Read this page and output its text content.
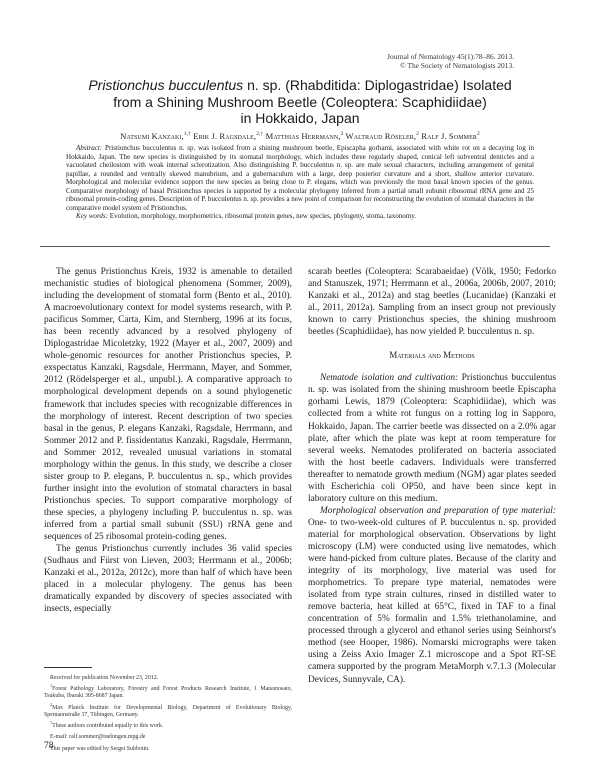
Journal of Nematology 45(1):78–86. 2013.
© The Society of Nematologists 2013.
Pristionchus bucculentus n. sp. (Rhabditida: Diplogastridae) Isolated
from a Shining Mushroom Beetle (Coleoptera: Scaphidiidae)
in Hokkaido, Japan
Natsumi Kanzaki,$^{1,\dagger}$ Erik J. Ragsdale,$^{2,\dagger}$ Matthias Herrmann,$^2$ Waltraud Röseler,$^2$ Ralf J. Sommer$^2$

Abstract: Pristionchus bucculentus n. sp. was isolated from a shining mushroom beetle, Episcapha gorhami, associated with white rot on a decaying log in Hokkaido, Japan. The new species is distinguished by its stomatal morphology, which includes three regularly shaped, conical left subventral denticles and a vacuolated cheilostom with weak internal sclerotization. Also distinguishing P. bucculentus n. sp. are male sexual characters, including arrangement of genital papillae, a rounded and ventrally skewed manubrium, and a gubernaculum with a large, deep posterior curvature and a short, shallow anterior curvature. Morphological and molecular evidence support the new species as being close to P. elegans, which was previously the most basal known species of the genus. Comparative morphology of basal Pristionchus species is supported by a molecular phylogeny inferred from a partial small subunit ribosomal rRNA gene and 25 ribosomal protein-coding genes. Description of P. bucculentus n. sp. provides a new point of comparison for reconstructing the evolution of stomatal characters in the comparative model system of Pristionchus.

Key words: Evolution, morphology, morphometrics, ribosomal protein genes, new species, phylogeny, stoma, taxonomy.

The genus Pristionchus Kreis, 1932 is amenable to detailed mechanistic studies of biological phenomena (Sommer, 2009), including the development of stomatal form (Bento et al., 2010). A macroevolutionary context for model systems research, with P. pacificus Sommer, Carta, Kim, and Sternberg, 1996 at its focus, has been recently advanced by a resolved phylogeny of Diplogastridae Micoletzky, 1922 (Mayer et al., 2007, 2009) and whole-genomic resources for another Pristionchus species, P. exspectatus Kanzaki, Ragsdale, Herrmann, Mayer, and Sommer, 2012 (Rödelsperger et al., unpubl.). A comparative approach to morphological development depends on a sound phylogenetic framework that includes species with recognizable differences in the morphology of interest. Recent description of two species basal in the genus, P. elegans Kanzaki, Ragsdale, Herrmann, and Sommer 2012 and P. fissidentatus Kanzaki, Ragsdale, Herrmann, and Sommer 2012, revealed unusual variations in stomatal morphology within the genus. In this study, we describe a closer sister group to P. elegans, P. bucculentus n. sp., which provides further insight into the evolution of stomatal characters in basal Pristionchus species. To support comparative morphology of these species, a phylogeny including P. bucculentus n. sp. was inferred from a partial small subunit (SSU) rRNA gene and sequences of 25 ribosomal protein-coding genes.

The genus Pristionchus currently includes 36 valid species (Sudhaus and Fürst von Lieven, 2003; Herrmann et al., 2006b; Kanzaki et al., 2012a, 2012c), more than half of which have been placed in a molecular phylogeny. The genus has been dramatically expanded by discovery of species associated with insects, especially

scarab beetles (Coleoptera: Scarabaeidae) (Völk, 1950; Fedorko and Stanuszek, 1971; Herrmann et al., 2006a, 2006b, 2007, 2010; Kanzaki et al., 2012a) and stag beetles (Lucanidae) (Kanzaki et al., 2011, 2012a). Sampling from an insect group not previously known to carry Pristionchus species, the shining mushroom beetles (Scaphidiidae), has now yielded P. bucculentus n. sp.

Materials and Methods

Nematode isolation and cultivation: Pristionchus bucculentus n. sp. was isolated from the shining mushroom beetle Episcapha gorhami Lewis, 1879 (Coleoptera: Scaphidiidae), which was collected from a white rot fungus on a rotting log in Sapporo, Hokkaido, Japan. The carrier beetle was dissected on a 2.0% agar plate, after which the plate was kept at room temperature for several weeks. Nematodes proliferated on bacteria associated with the host beetle cadavers. Individuals were transferred thereafter to nematode growth medium (NGM) agar plates seeded with Escherichia coli OP50, and have been since kept in laboratory culture on this medium.

Morphological observation and preparation of type material: One- to two-week-old cultures of P. bucculentus n. sp. provided material for morphological observation. Observations by light microscopy (LM) were conducted using live nematodes, which were hand-picked from culture plates. Because of the clarity and integrity of its morphology, live material was used for morphometrics. To prepare type material, nematodes were isolated from type strain cultures, rinsed in distilled water to remove bacteria, heat killed at 65°C, fixed in TAF to a final concentration of 5% formalin and 1.5% triethanolamine, and processed through a glycerol and ethanol series using Seinhorst's method (see Hooper, 1986). Nomarski micrographs were taken using a Zeiss Axio Imager Z.1 microscope and a Spot RT-SE camera supported by the program MetaMorph v.7.1.3 (Molecular Devices, Sunnyvale, CA).

Received for publication November 23, 2012.

$^1$Forest Pathology Laboratory, Forestry and Forest Products Research Institute, 1 Matsunosato, Tsukuba, Ibaraki 305-8687 Japan.

$^2$Max Planck Institute for Developmental Biology, Department of Evolutionary Biology, Spemannstraße 37, Tübingen, Germany.

†These authors contributed equally to this work.

E-mail: ralf.sommer@tuebingen.mpg.de

This paper was edited by Sergei Subbotin.

78
